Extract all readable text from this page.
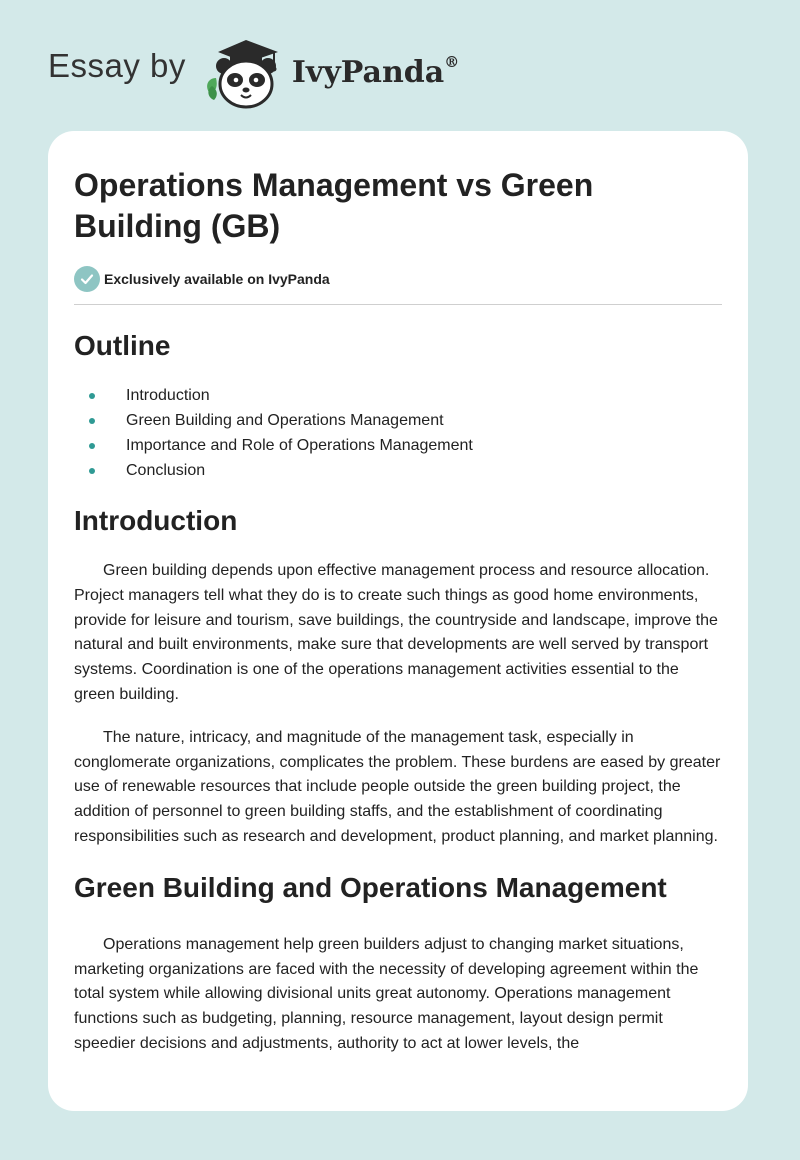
Essay by	IvyPanda®
Operations Management vs Green Building (GB)
Exclusively available on IvyPanda
Outline
Introduction
Green Building and Operations Management
Importance and Role of Operations Management
Conclusion
Introduction

Green building depends upon effective management process and resource allocation. Project managers tell what they do is to create such things as good home environments, provide for leisure and tourism, save buildings, the countryside and landscape, improve the natural and built environments, make sure that developments are well served by transport systems. Coordination is one of the operations management activities essential to the green building.

The nature, intricacy, and magnitude of the management task, especially in conglomerate organizations, complicates the problem. These burdens are eased by greater use of renewable resources that include people outside the green building project, the addition of personnel to green building staffs, and the establishment of coordinating responsibilities such as research and development, product planning, and market planning.

Green Building and Operations Management

Operations management help green builders adjust to changing market situations, marketing organizations are faced with the necessity of developing agreement within the total system while allowing divisional units great autonomy. Operations management functions such as budgeting, planning, resource management, layout design permit speedier decisions and adjustments, authority to act at lower levels, the
